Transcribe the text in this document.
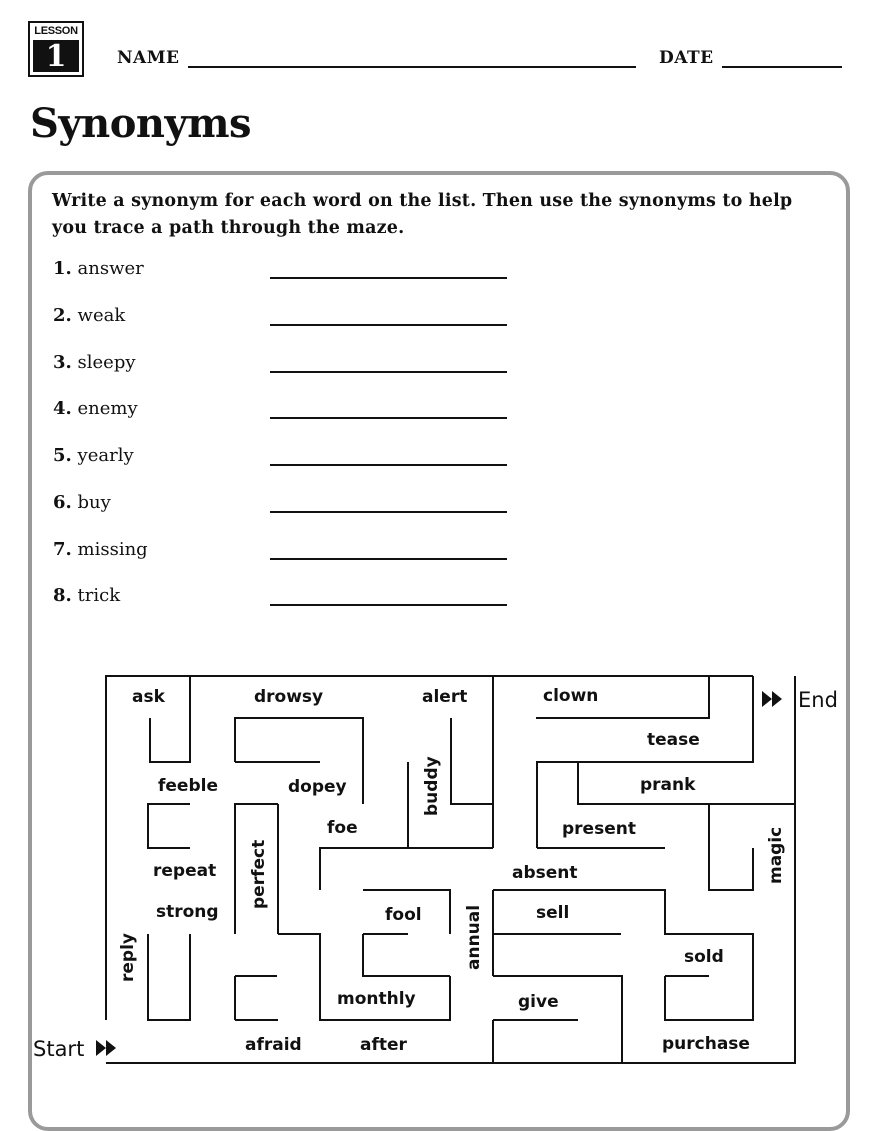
LESSON
1	NAME	DATE
Synonyms
Write a synonym for each word on the list. Then use the synonyms to help you trace a path through the maze.
1. answer
2. weak
3. sleepy
4. enemy
5. yearly
6. buy
7. missing
8. trick
End
Start
ask	drowsy	alert	clown
tease
feeble	dopey	buddy	prank
foe	present	magic
repeat perfect	absent
strong	fool annual	sell
reply	sold
monthly	give
afraid	after	purchase
